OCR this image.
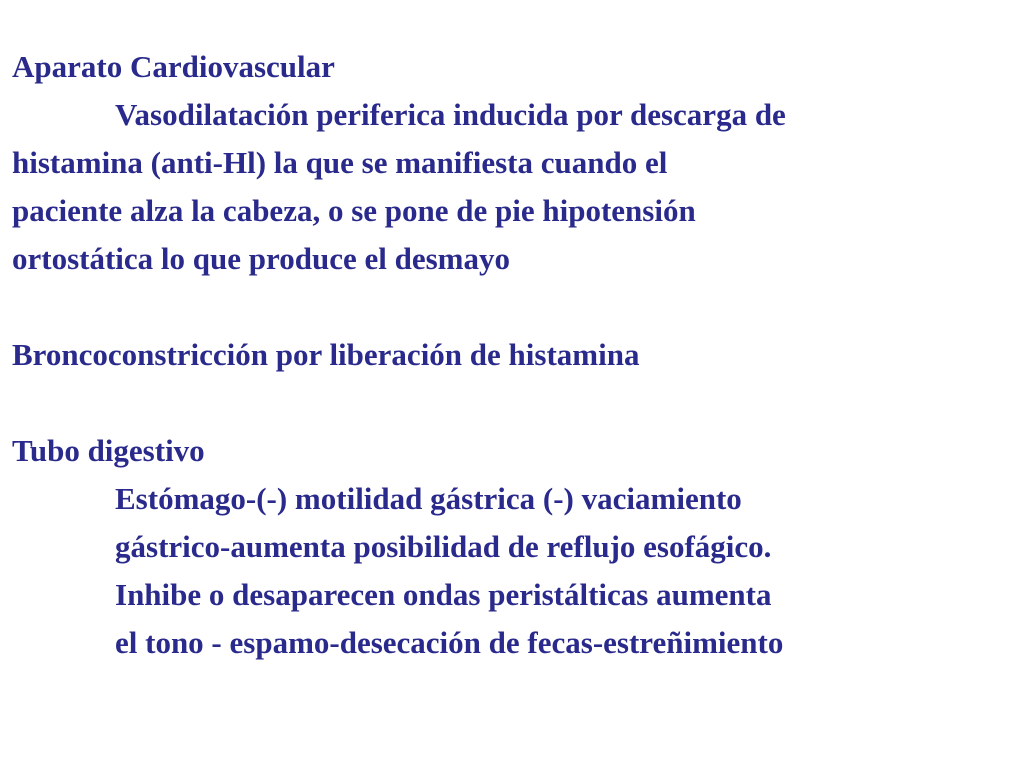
Aparato Cardiovascular
Vasodilatación periferica inducida por descarga de
histamina (anti-Hl) la que se manifiesta cuando el
paciente alza la cabeza, o se pone de pie hipotensión
ortostática lo que produce el desmayo
Broncoconstricción por liberación de histamina
Tubo digestivo
Estómago-(-) motilidad gástrica (-) vaciamiento
gástrico-aumenta posibilidad de reflujo esofágico.
Inhibe o desaparecen ondas peristálticas aumenta
el tono - espamo-desecación de fecas-estreñimiento
